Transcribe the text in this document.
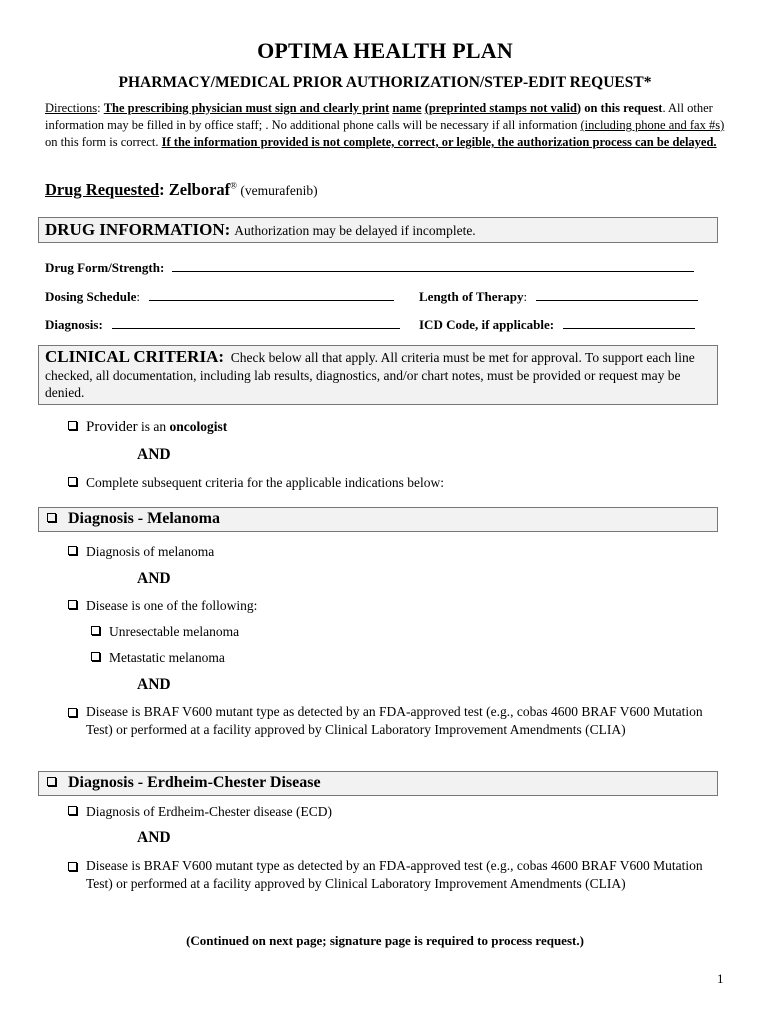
OPTIMA HEALTH PLAN
PHARMACY/MEDICAL PRIOR AUTHORIZATION/STEP-EDIT REQUEST*
Directions: The prescribing physician must sign and clearly print name (preprinted stamps not valid) on this request. All other information may be filled in by office staff; . No additional phone calls will be necessary if all information (including phone and fax #s) on this form is correct. If the information provided is not complete, correct, or legible, the authorization process can be delayed.
Drug Requested: Zelboraf® (vemurafenib)
DRUG INFORMATION: Authorization may be delayed if incomplete.
Drug Form/Strength:
Dosing Schedule:	Length of Therapy:
Diagnosis:	ICD Code, if applicable:
CLINICAL CRITERIA: Check below all that apply. All criteria must be met for approval. To support each line checked, all documentation, including lab results, diagnostics, and/or chart notes, must be provided or request may be denied.
Provider is an oncologist
AND
Complete subsequent criteria for the applicable indications below:
Diagnosis - Melanoma
Diagnosis of melanoma
AND
Disease is one of the following:
Unresectable melanoma
Metastatic melanoma
AND
Disease is BRAF V600 mutant type as detected by an FDA-approved test (e.g., cobas 4600 BRAF V600 Mutation Test) or performed at a facility approved by Clinical Laboratory Improvement Amendments (CLIA)
Diagnosis - Erdheim-Chester Disease
Diagnosis of Erdheim-Chester disease (ECD)
AND
Disease is BRAF V600 mutant type as detected by an FDA-approved test (e.g., cobas 4600 BRAF V600 Mutation Test) or performed at a facility approved by Clinical Laboratory Improvement Amendments (CLIA)
(Continued on next page; signature page is required to process request.)
1
